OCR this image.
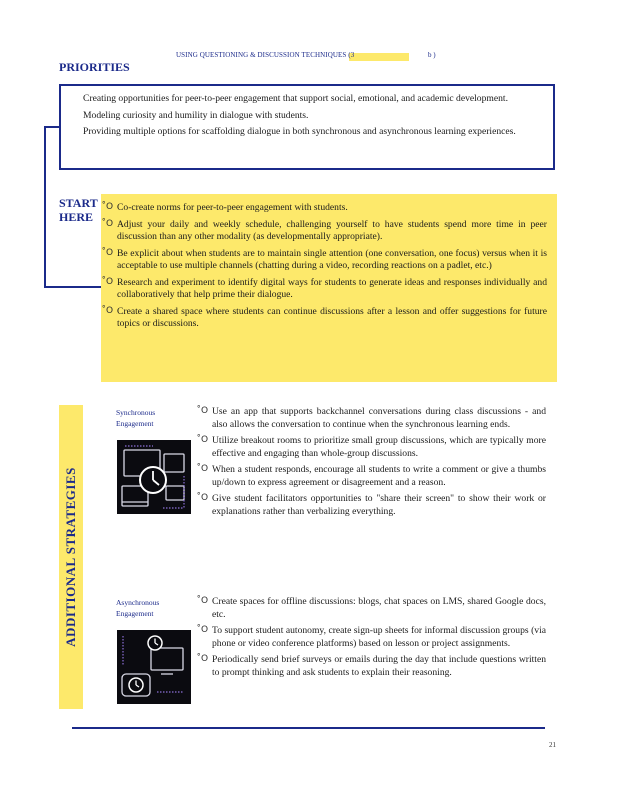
USING QUESTIONING & DISCUSSION TECHNIQUES (3	b )
PRIORITIES
Creating opportunities for peer-to-peer engagement that support social, emotional, and academic development.
Modeling curiosity and humility in dialogue with students.
Providing multiple options for scaffolding dialogue in both synchronous and asynchronous learning experiences.
START
HERE
̊O Co-create norms for peer-to-peer engagement with students.
̊O Adjust your daily and weekly schedule, challenging yourself to have students spend more time in peer discussion than any other modality (as developmentally appropriate).
̊O Be explicit about when students are to maintain single attention (one conversation, one focus) versus when it is acceptable to use multiple channels (chatting during a video, recording reactions on a padlet, etc.)
̊O Research and experiment to identify digital ways for students to generate ideas and responses individually and collaboratively that help prime their dialogue.
̊O Create a shared space where students can continue discussions after a lesson and offer suggestions for future topics or discussions.
ADDITIONAL STRATEGIES
Synchronous
Engagement
̊O Use an app that supports backchannel conversations during class discussions - and also allows the conversation to continue when the synchronous learning ends.
̊O Utilize breakout rooms to prioritize small group discussions, which are typically more effective and engaging than whole-group discussions.
̊O When a student responds, encourage all students to write a comment or give a thumbs up/down to express agreement or disagreement and a reason.
̊O Give student facilitators opportunities to "share their screen" to show their work or explanations rather than verbalizing everything.
Asynchronous
Engagement
̊O Create spaces for offline discussions: blogs, chat spaces on LMS, shared Google docs, etc.
̊O To support student autonomy, create sign-up sheets for informal discussion groups (via phone or video conference platforms) based on lesson or project assignments.
̊O Periodically send brief surveys or emails during the day that include questions written to prompt thinking and ask students to explain their reasoning.
21
